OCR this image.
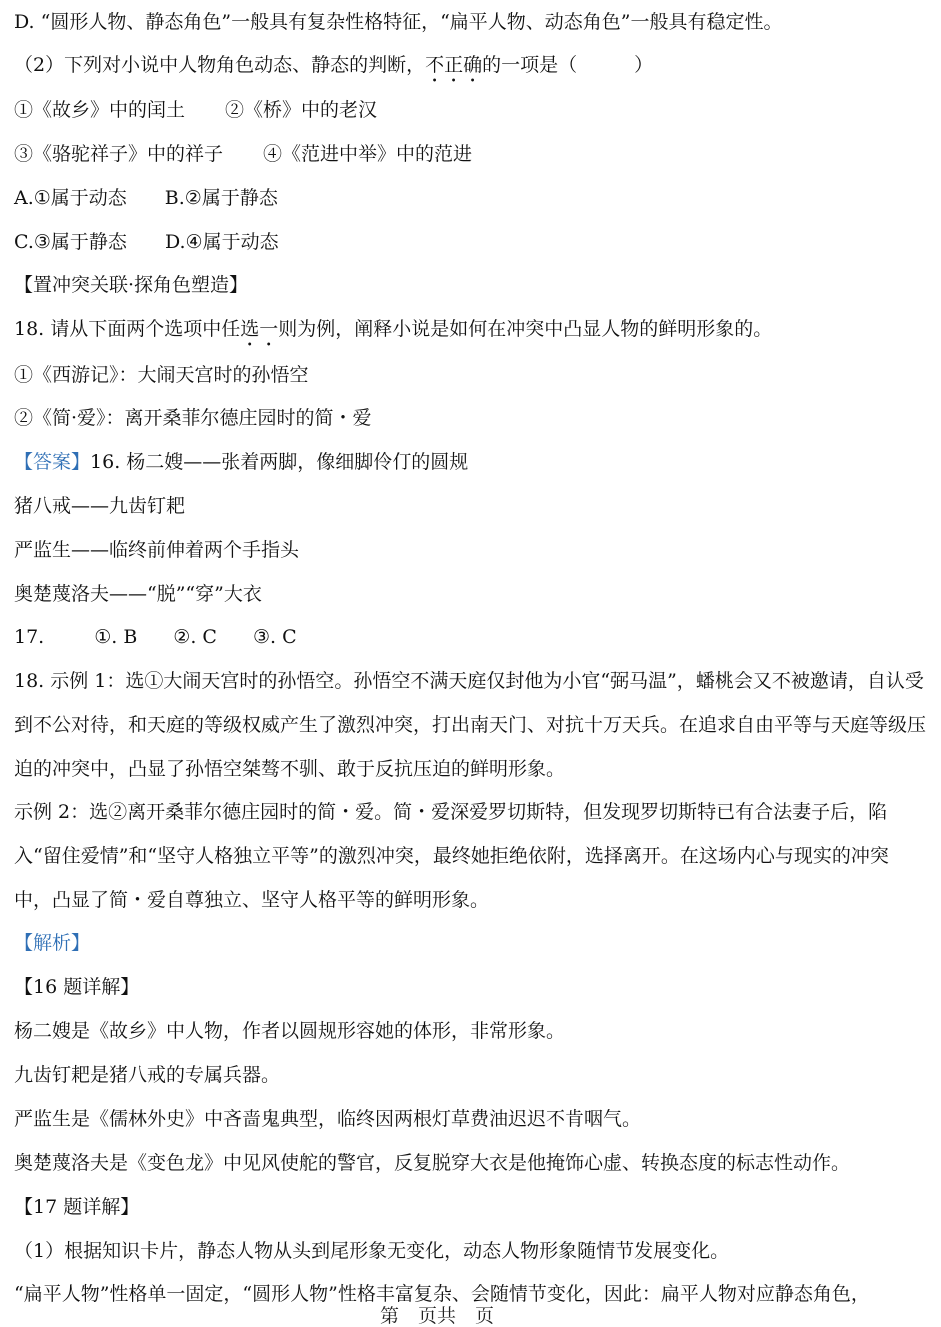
D. “圆形人物、静态角色”一般具有复杂性格特征，“扁平人物、动态角色”一般具有稳定性。
（2）下列对小说中人物角色动态、静态的判断，不正确的一项是（　　　）
①《故乡》中的闰土 ②《桥》中的老汉
③《骆驼祥子》中的祥子 ④《范进中举》中的范进
A.①属于动态 B.②属于静态
C.③属于静态 D.④属于动态
【置冲突关联·探角色塑造】
18. 请从下面两个选项中任选一则为例，阐释小说是如何在冲突中凸显人物的鲜明形象的。
①《西游记》：大闹天宫时的孙悟空
②《简·爱》：离开桑菲尔德庄园时的简・爱
【答案】16. 杨二嫂——张着两脚，像细脚伶仃的圆规
猪八戒——九齿钉耙
严监生——临终前伸着两个手指头
奥楚蔑洛夫——“脱”“穿”大衣
17.	①. B ②. C ③. C
18. 示例 1：选①大闹天宫时的孙悟空。孙悟空不满天庭仅封他为小官“弼马温”，蟠桃会又不被邀请，自认受到不公对待，和天庭的等级权威产生了激烈冲突，打出南天门、对抗十万天兵。在追求自由平等与天庭等级压迫的冲突中，凸显了孙悟空桀骜不驯、敢于反抗压迫的鲜明形象。
示例 2：选②离开桑菲尔德庄园时的简・爱。简・爱深爱罗切斯特，但发现罗切斯特已有合法妻子后，陷入“留住爱情”和“坚守人格独立平等”的激烈冲突，最终她拒绝依附，选择离开。在这场内心与现实的冲突中，凸显了简・爱自尊独立、坚守人格平等的鲜明形象。
【解析】
【16 题详解】
杨二嫂是《故乡》中人物，作者以圆规形容她的体形，非常形象。
九齿钉耙是猪八戒的专属兵器。
严监生是《儒林外史》中吝啬鬼典型，临终因两根灯草费油迟迟不肯咽气。
奥楚蔑洛夫是《变色龙》中见风使舵的警官，反复脱穿大衣是他掩饰心虚、转换态度的标志性动作。
【17 题详解】
（1）根据知识卡片，静态人物从头到尾形象无变化，动态人物形象随情节发展变化。
“扁平人物”性格单一固定，“圆形人物”性格丰富复杂、会随情节变化，因此：扁平人物对应静态角色，
第　页共　页
